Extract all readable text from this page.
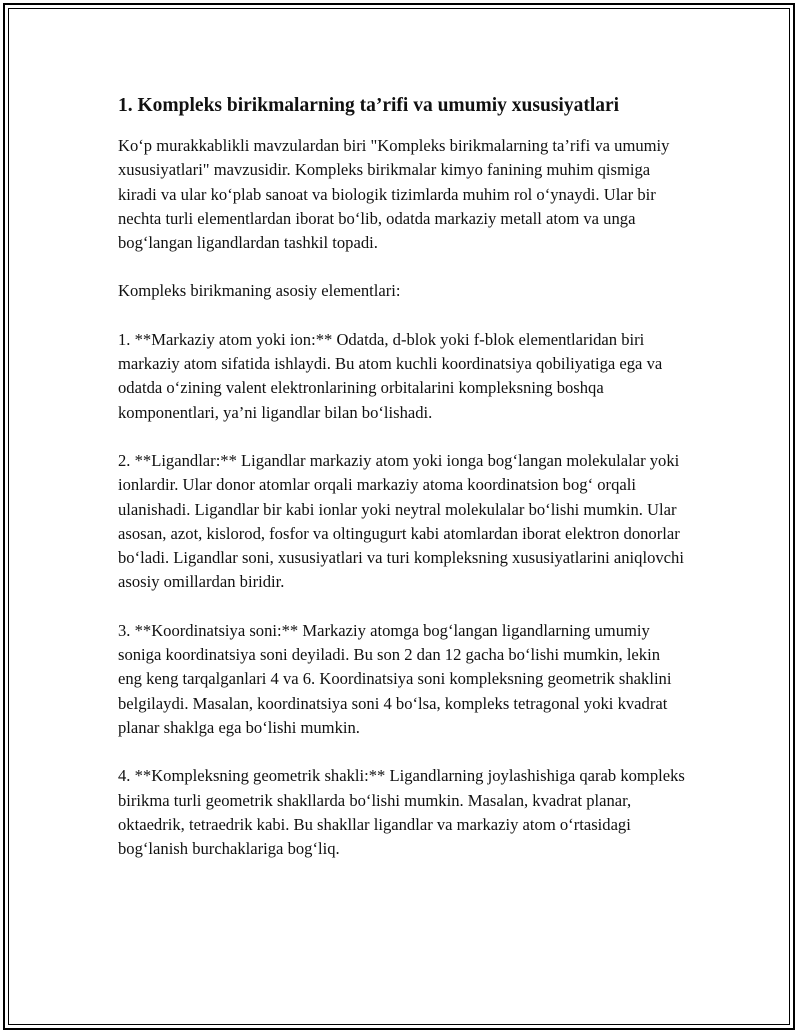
1. Kompleks birikmalarning ta’rifi va umumiy xususiyatlari

Ko‘p murakkablikli mavzulardan biri "Kompleks birikmalarning ta’rifi va umumiy xususiyatlari" mavzusidir. Kompleks birikmalar kimyo fanining muhim qismiga kiradi va ular ko‘plab sanoat va biologik tizimlarda muhim rol o‘ynaydi. Ular bir nechta turli elementlardan iborat bo‘lib, odatda markaziy metall atom va unga bog‘langan ligandlardan tashkil topadi.

Kompleks birikmaning asosiy elementlari:

1. **Markaziy atom yoki ion:** Odatda, d-blok yoki f-blok elementlaridan biri markaziy atom sifatida ishlaydi. Bu atom kuchli koordinatsiya qobiliyatiga ega va odatda o‘zining valent elektronlarining orbitalarini kompleksning boshqa komponentlari, ya’ni ligandlar bilan bo‘lishadi.

2. **Ligandlar:** Ligandlar markaziy atom yoki ionga bog‘langan molekulalar yoki ionlardir. Ular donor atomlar orqali markaziy atoma koordinatsion bog‘ orqali ulanishadi. Ligandlar bir kabi ionlar yoki neytral molekulalar bo‘lishi mumkin. Ular asosan, azot, kislorod, fosfor va oltingugurt kabi atomlardan iborat elektron donorlar bo‘ladi. Ligandlar soni, xususiyatlari va turi kompleksning xususiyatlarini aniqlovchi asosiy omillardan biridir.

3. **Koordinatsiya soni:** Markaziy atomga bog‘langan ligandlarning umumiy soniga koordinatsiya soni deyiladi. Bu son 2 dan 12 gacha bo‘lishi mumkin, lekin eng keng tarqalganlari 4 va 6. Koordinatsiya soni kompleksning geometrik shaklini belgilaydi. Masalan, koordinatsiya soni 4 bo‘lsa, kompleks tetragonal yoki kvadrat planar shaklga ega bo‘lishi mumkin.

4. **Kompleksning geometrik shakli:** Ligandlarning joylashishiga qarab kompleks birikma turli geometrik shakllarda bo‘lishi mumkin. Masalan, kvadrat planar, oktaedrik, tetraedrik kabi. Bu shakllar ligandlar va markaziy atom o‘rtasidagi bog‘lanish burchaklariga bog‘liq.
